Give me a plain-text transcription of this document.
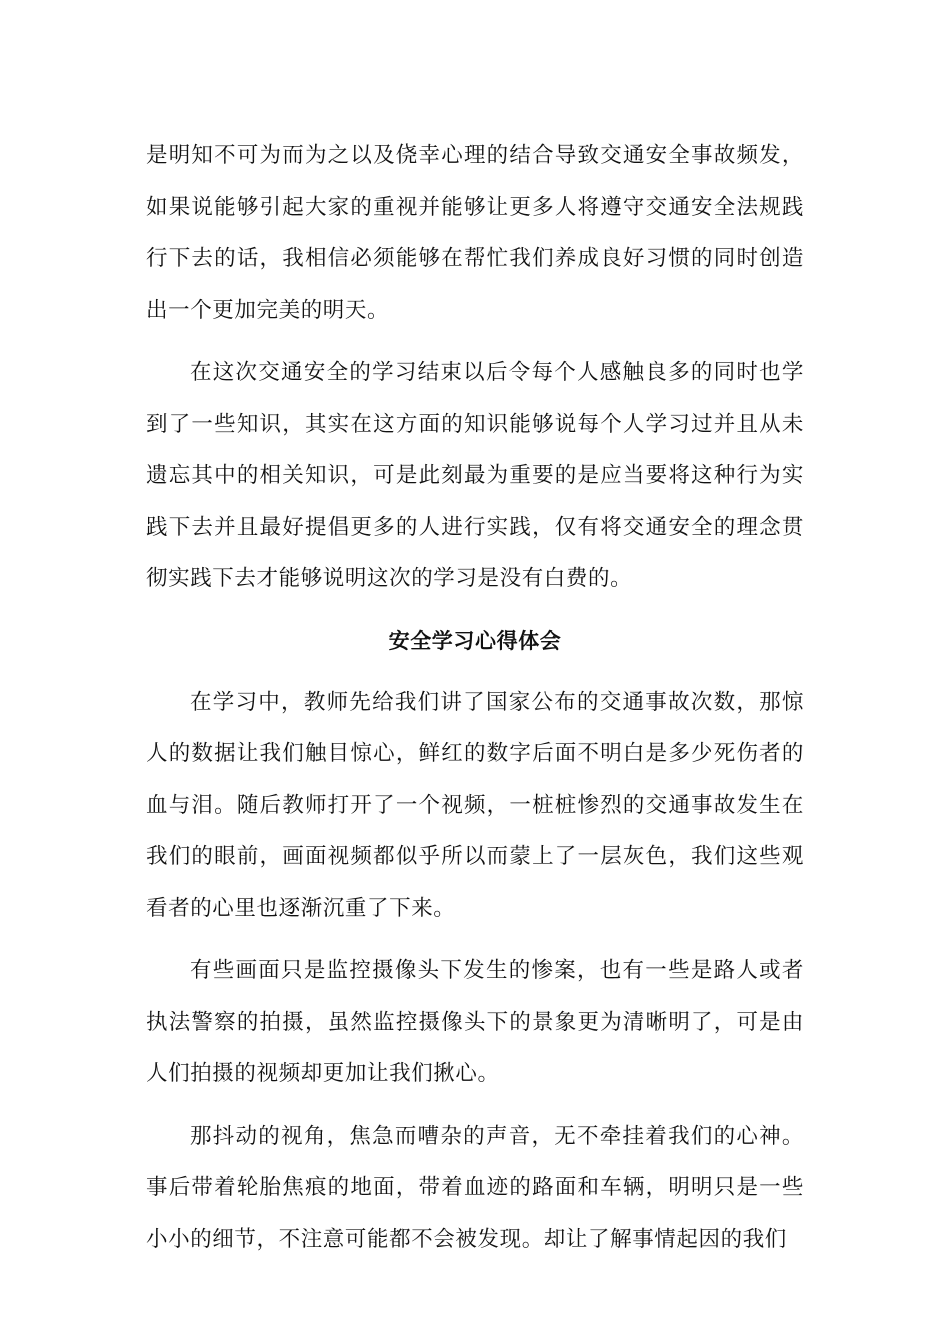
是明知不可为而为之以及侥幸心理的结合导致交通安全事故频发，如果说能够引起大家的重视并能够让更多人将遵守交通安全法规践行下去的话，我相信必须能够在帮忙我们养成良好习惯的同时创造出一个更加完美的明天。

在这次交通安全的学习结束以后令每个人感触良多的同时也学到了一些知识，其实在这方面的知识能够说每个人学习过并且从未遗忘其中的相关知识，可是此刻最为重要的是应当要将这种行为实践下去并且最好提倡更多的人进行实践，仅有将交通安全的理念贯彻实践下去才能够说明这次的学习是没有白费的。

安全学习心得体会

在学习中，教师先给我们讲了国家公布的交通事故次数，那惊人的数据让我们触目惊心，鲜红的数字后面不明白是多少死伤者的血与泪。随后教师打开了一个视频，一桩桩惨烈的交通事故发生在我们的眼前，画面视频都似乎所以而蒙上了一层灰色，我们这些观看者的心里也逐渐沉重了下来。

有些画面只是监控摄像头下发生的惨案，也有一些是路人或者执法警察的拍摄，虽然监控摄像头下的景象更为清晰明了，可是由人们拍摄的视频却更加让我们揪心。

那抖动的视角，焦急而嘈杂的声音，无不牵挂着我们的心神。事后带着轮胎焦痕的地面，带着血迹的路面和车辆，明明只是一些小小的细节，不注意可能都不会被发现。却让了解事情起因的我们
